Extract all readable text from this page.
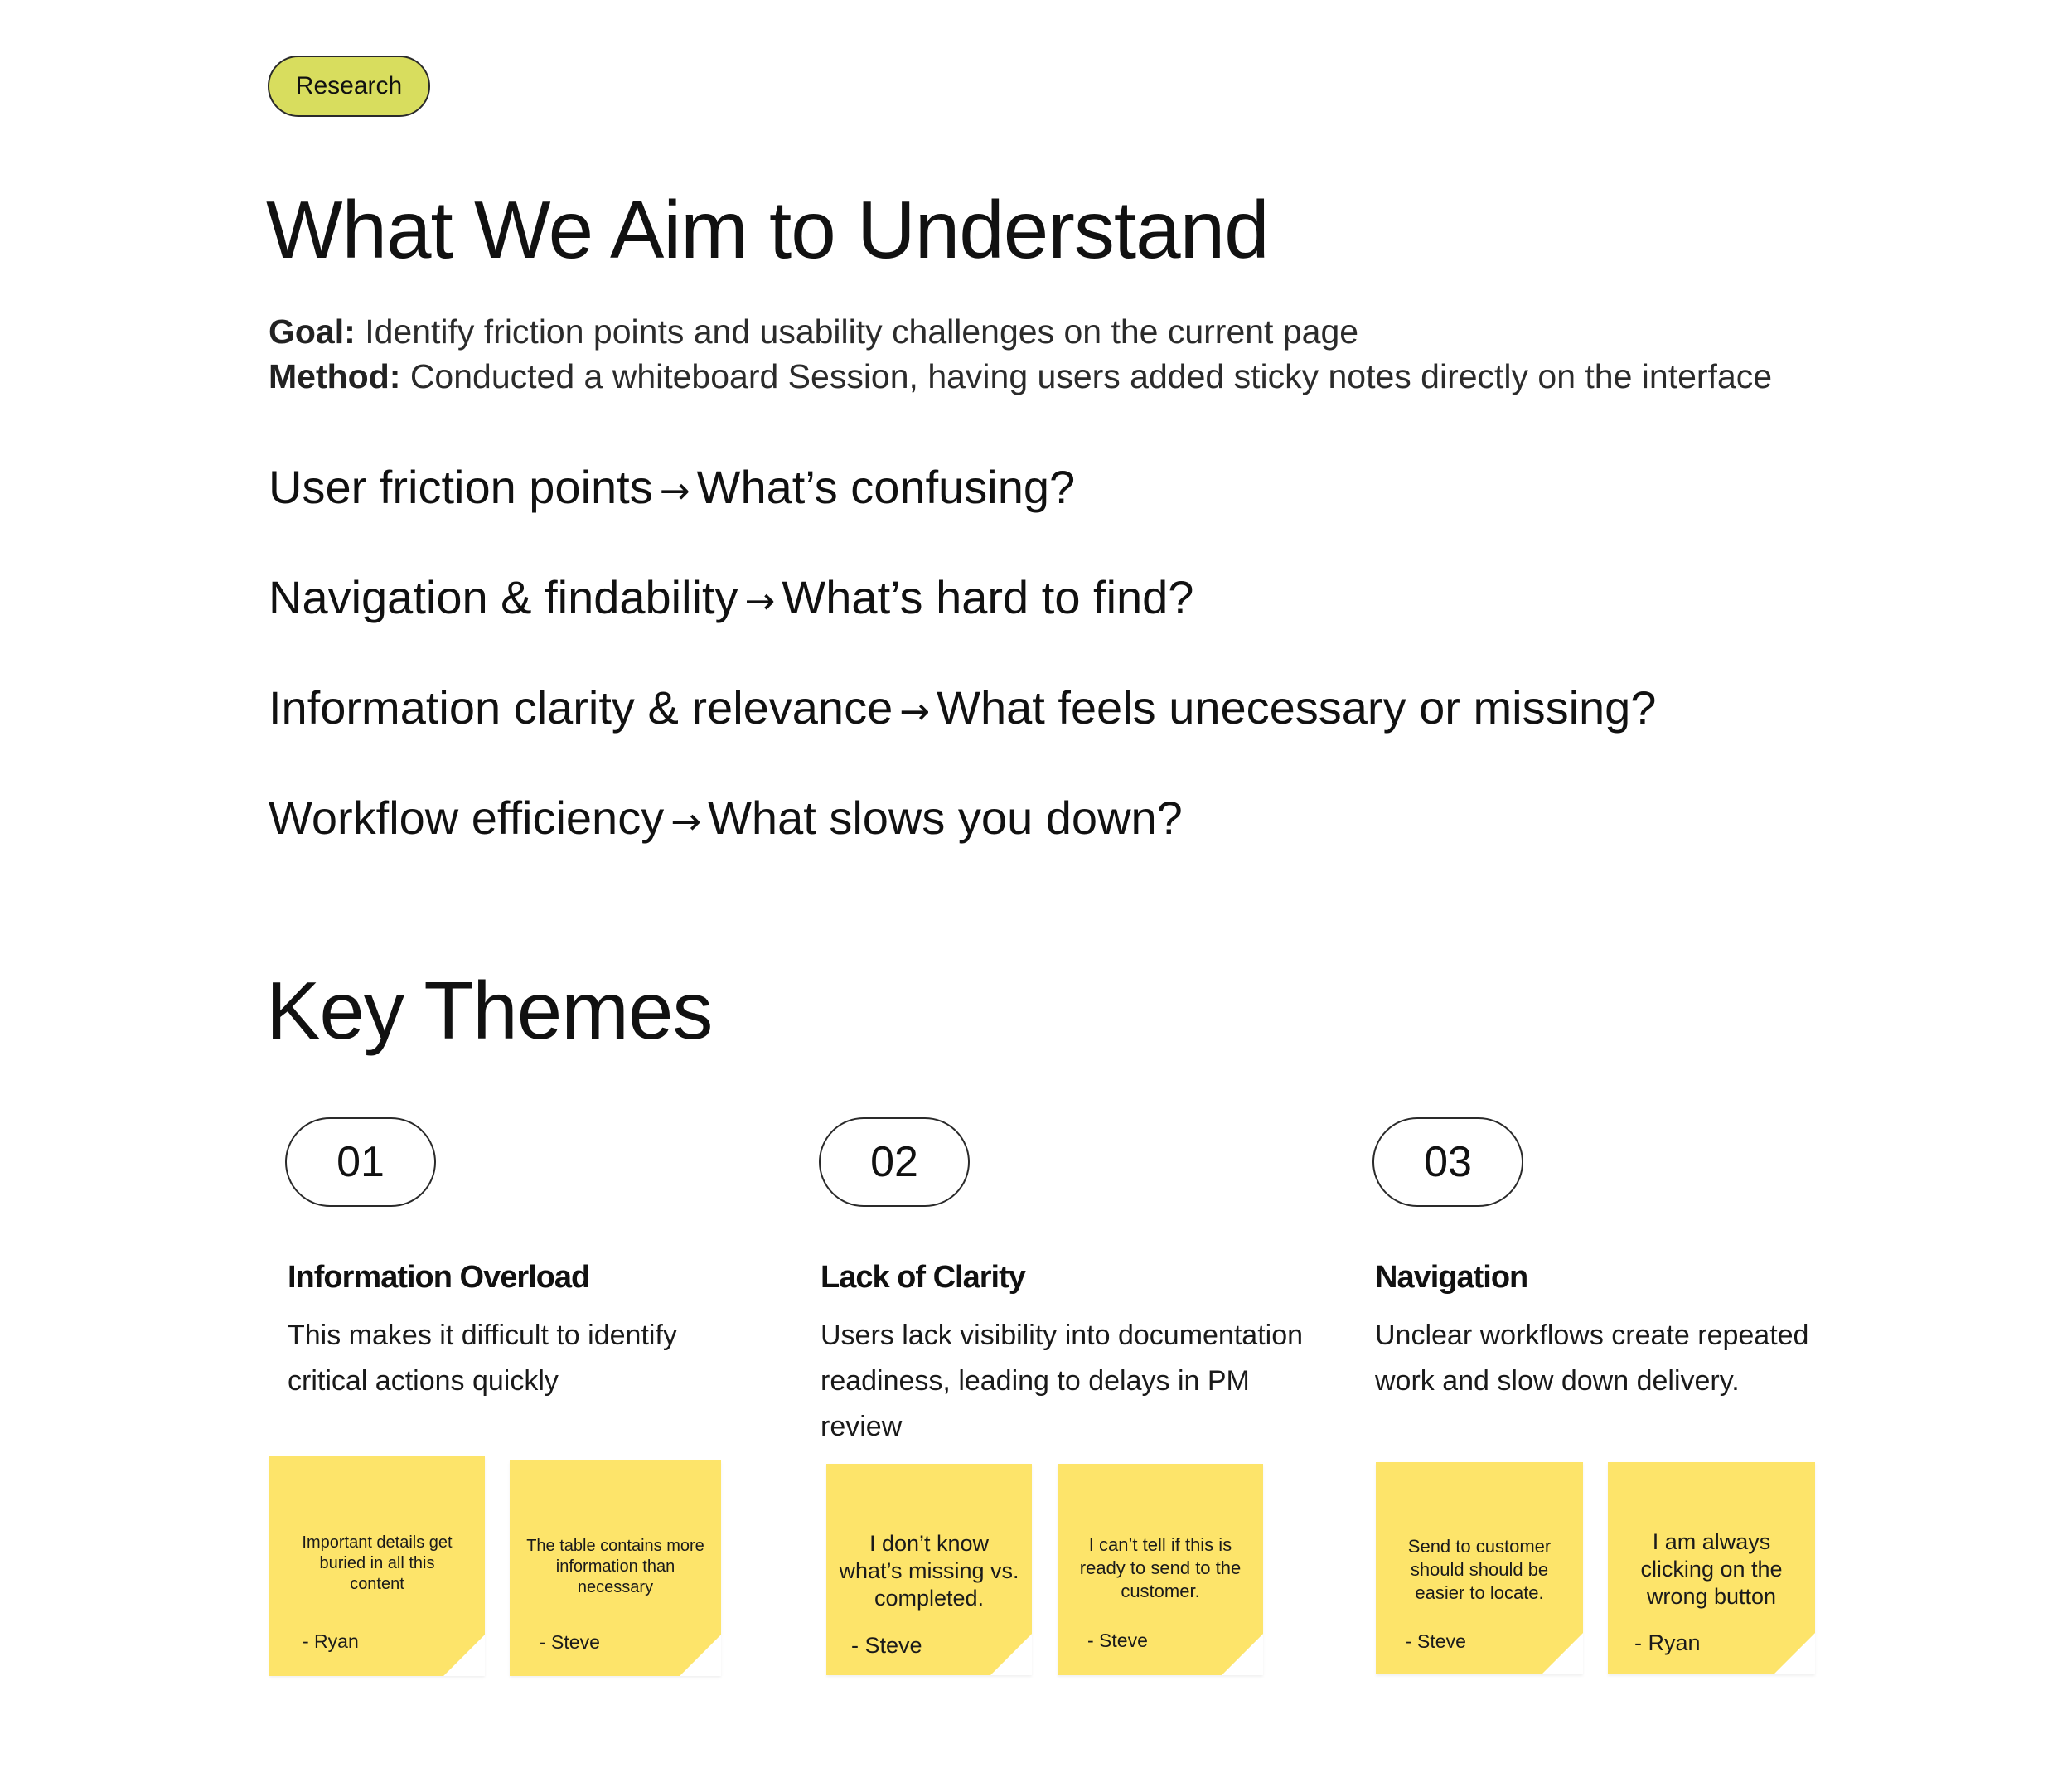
Research
What We Aim to Understand
Goal: Identify friction points and usability challenges on the current page
Method: Conducted a whiteboard Session, having users added sticky notes directly on the interface
User friction points → What’s confusing?
Navigation & findability → What’s hard to find?
Information clarity & relevance → What feels unecessary or missing?
Workflow efficiency → What slows you down?
Key Themes
01
Information Overload
This makes it difficult to identify critical actions quickly
Important details get buried in all this content
- Ryan
The table contains more information than necessary
- Steve
02
Lack of Clarity
Users lack visibility into documentation readiness, leading to delays in PM review
I don’t know what’s missing vs. completed.
- Steve
I can’t tell if this is ready to send to the customer.
- Steve
03
Navigation
Unclear workflows create repeated work and slow down delivery.
Send to customer should should be easier to locate.
- Steve
I am always clicking on the wrong button
- Ryan
